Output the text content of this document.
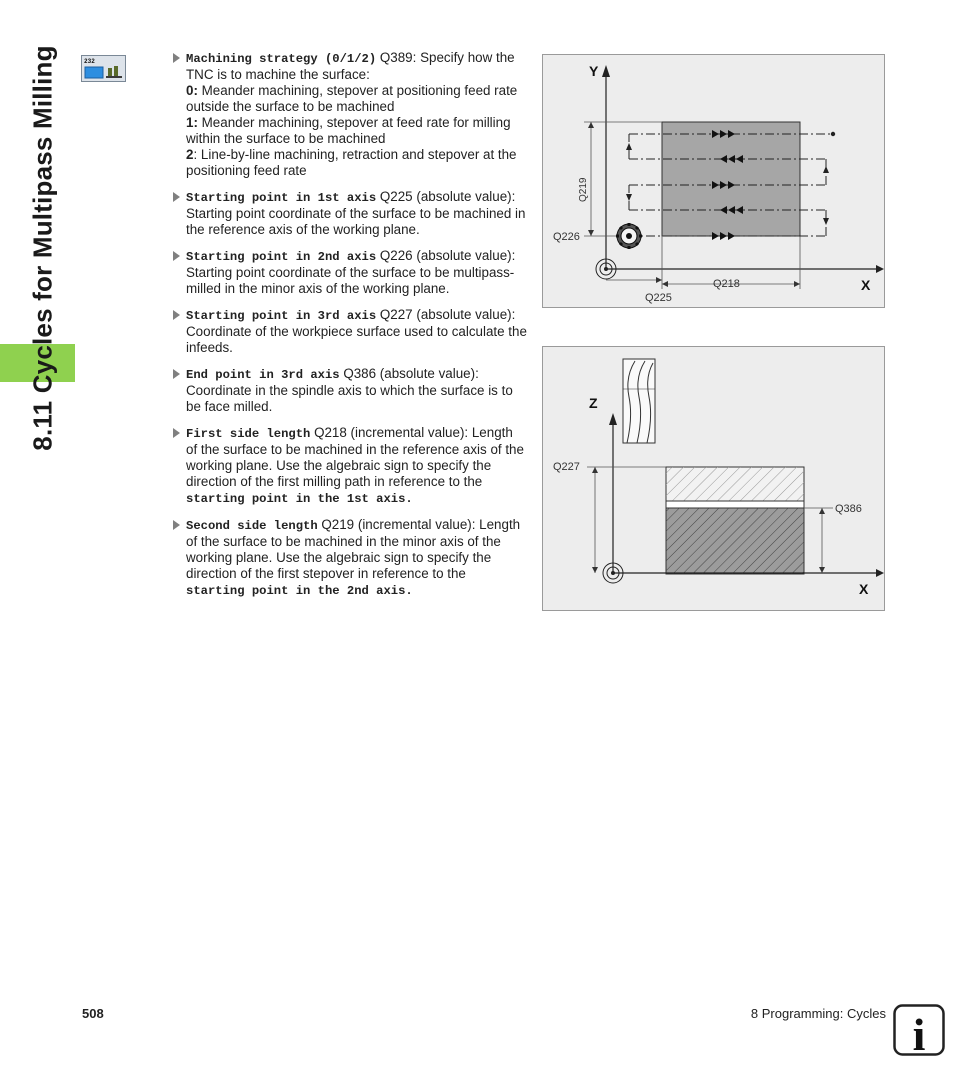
8.11 Cycles for Multipass Milling	232	Machining strategy (0/1/2) Q389: Specify how the TNC is to machine the surface:
0: Meander machining, stepover at positioning feed rate outside the surface to be machined
1: Meander machining, stepover at feed rate for milling within the surface to be machined
2: Line-by-line machining, retraction and stepover at the positioning feed rate
Starting point in 1st axis Q225 (absolute value): Starting point coordinate of the surface to be machined in the reference axis of the working plane.
Starting point in 2nd axis Q226 (absolute value): Starting point coordinate of the surface to be multipass-milled in the minor axis of the working plane.
Starting point in 3rd axis Q227 (absolute value): Coordinate of the workpiece surface used to calculate the infeeds.
End point in 3rd axis Q386 (absolute value): Coordinate in the spindle axis to which the surface is to be face milled.
First side length Q218 (incremental value): Length of the surface to be machined in the reference axis of the working plane. Use the algebraic sign to specify the direction of the first milling path in reference to the starting point in the 1st axis.
Second side length Q219 (incremental value): Length of the surface to be machined in the minor axis of the working plane. Use the algebraic sign to specify the direction of the first stepover in reference to the starting point in the 2nd axis.
Y
X
Q219
Q226
Q218
Q225
Z
X
Q227
Q386
508	8 Programming: Cycles i
